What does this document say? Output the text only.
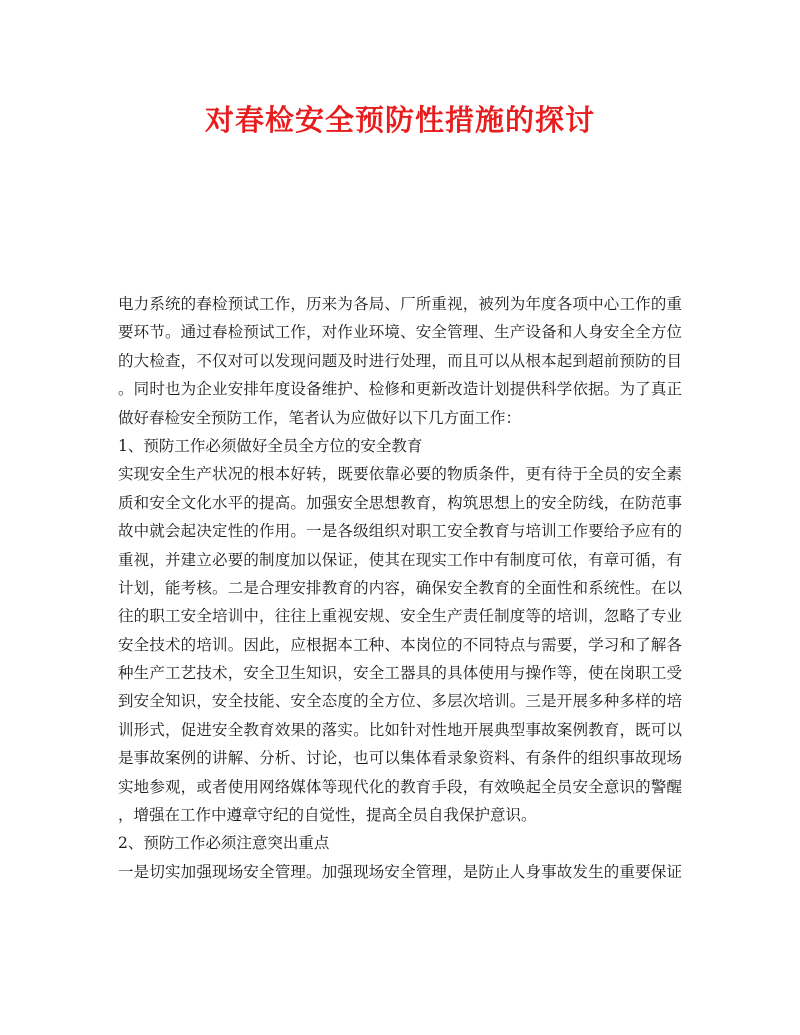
对春检安全预防性措施的探讨
电力系统的春检预试工作，历来为各局、厂所重视，被列为年度各项中心工作的重
要环节。通过春检预试工作，对作业环境、安全管理、生产设备和人身安全全方位
的大检查，不仅对可以发现问题及时进行处理，而且可以从根本起到超前预防的目
。同时也为企业安排年度设备维护、检修和更新改造计划提供科学依据。为了真正
做好春检安全预防工作，笔者认为应做好以下几方面工作：
1、预防工作必须做好全员全方位的安全教育
实现安全生产状况的根本好转，既要依靠必要的物质条件，更有待于全员的安全素
质和安全文化水平的提高。加强安全思想教育，构筑思想上的安全防线，在防范事
故中就会起决定性的作用。一是各级组织对职工安全教育与培训工作要给予应有的
重视，并建立必要的制度加以保证，使其在现实工作中有制度可依，有章可循，有
计划，能考核。二是合理安排教育的内容，确保安全教育的全面性和系统性。在以
往的职工安全培训中，往往上重视安规、安全生产责任制度等的培训，忽略了专业
安全技术的培训。因此，应根据本工种、本岗位的不同特点与需要，学习和了解各
种生产工艺技术，安全卫生知识，安全工器具的具体使用与操作等，使在岗职工受
到安全知识，安全技能、安全态度的全方位、多层次培训。三是开展多种多样的培
训形式，促进安全教育效果的落实。比如针对性地开展典型事故案例教育，既可以
是事故案例的讲解、分析、讨论，也可以集体看录象资料、有条件的组织事故现场
实地参观，或者使用网络媒体等现代化的教育手段，有效唤起全员安全意识的警醒
，增强在工作中遵章守纪的自觉性，提高全员自我保护意识。
2、预防工作必须注意突出重点
一是切实加强现场安全管理。加强现场安全管理，是防止人身事故发生的重要保证
